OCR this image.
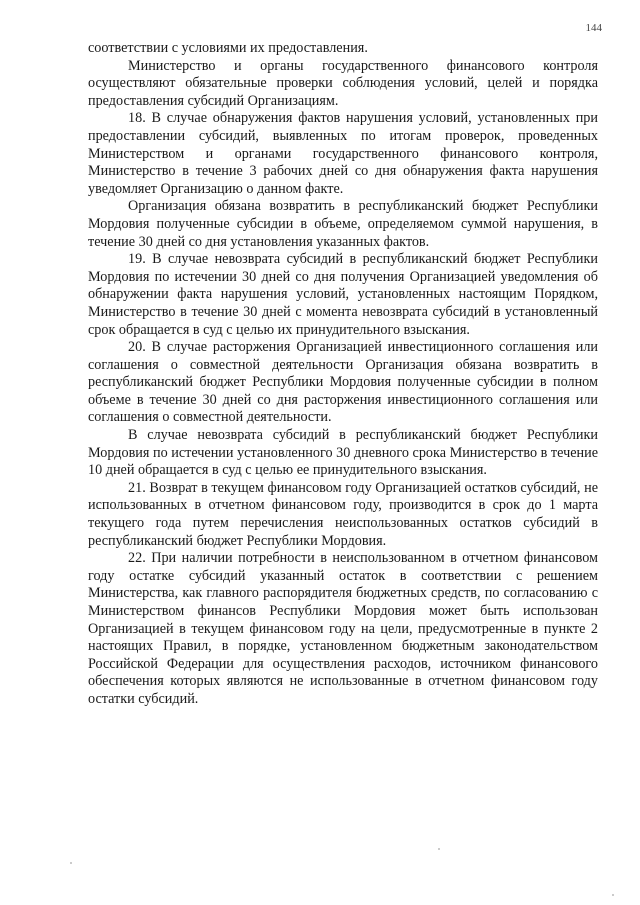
144

соответствии с условиями их предоставления.

Министерство и органы государственного финансового контроля осуществляют обязательные проверки соблюдения условий, целей и порядка предоставления субсидий Организациям.

18. В случае обнаружения фактов нарушения условий, установленных при предоставлении субсидий, выявленных по итогам проверок, проведенных Министерством и органами государственного финансового контроля, Министерство в течение 3 рабочих дней со дня обнаружения факта нарушения уведомляет Организацию о данном факте.

Организация обязана возвратить в республиканский бюджет Республики Мордовия полученные субсидии в объеме, определяемом суммой нарушения, в течение 30 дней со дня установления указанных фактов.

19. В случае невозврата субсидий в республиканский бюджет Республики Мордовия по истечении 30 дней со дня получения Организацией уведомления об обнаружении факта нарушения условий, установленных настоящим Порядком, Министерство в течение 30 дней с момента невозврата субсидий в установленный срок обращается в суд с целью их принудительного взыскания.

20. В случае расторжения Организацией инвестиционного соглашения или соглашения о совместной деятельности Организация обязана возвратить в республиканский бюджет Республики Мордовия полученные субсидии в полном объеме в течение 30 дней со дня расторжения инвестиционного соглашения или соглашения о совместной деятельности.

В случае невозврата субсидий в республиканский бюджет Республики Мордовия по истечении установленного 30 дневного срока Министерство в течение 10 дней обращается в суд с целью ее принудительного взыскания.

21. Возврат в текущем финансовом году Организацией остатков субсидий, не использованных в отчетном финансовом году, производится в срок до 1 марта текущего года путем перечисления неиспользованных остатков субсидий в республиканский бюджет Республики Мордовия.

22. При наличии потребности в неиспользованном в отчетном финансовом году остатке субсидий указанный остаток в соответствии с решением Министерства, как главного распорядителя бюджетных средств, по согласованию с Министерством финансов Республики Мордовия может быть использован Организацией в текущем финансовом году на цели, предусмотренные в пункте 2 настоящих Правил, в порядке, установленном бюджетным законодательством Российской Федерации для осуществления расходов, источником финансового обеспечения которых являются не использованные в отчетном финансовом году остатки субсидий.
